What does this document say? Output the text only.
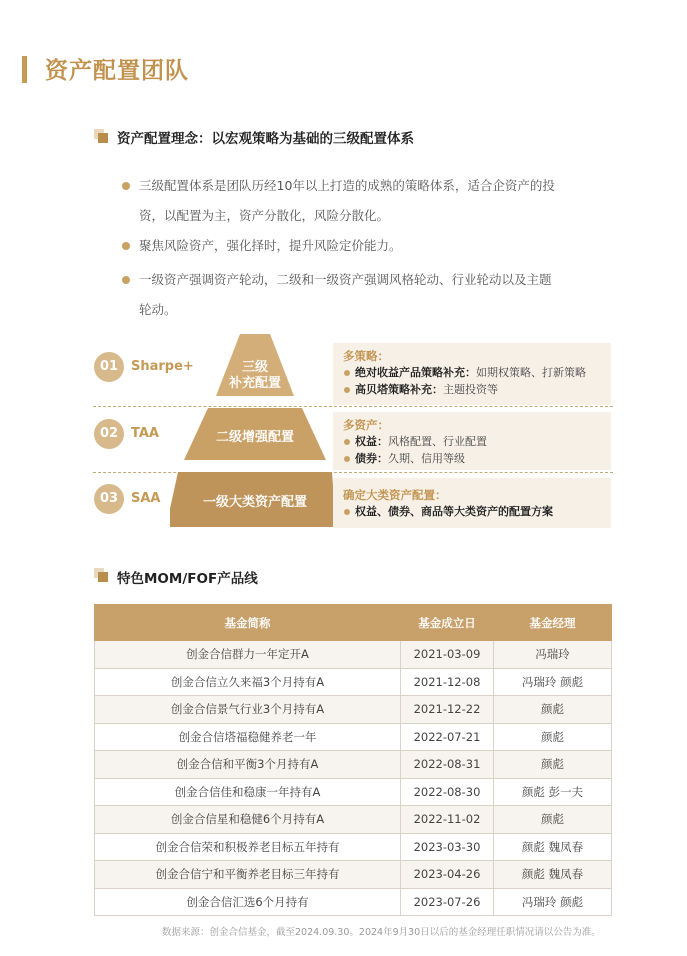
资产配置团队
资产配置理念：以宏观策略为基础的三级配置体系
三级配置体系是团队历经10年以上打造的成熟的策略体系，适合企资产的投
资，以配置为主，资产分散化，风险分散化。
聚焦风险资产，强化择时，提升风险定价能力。
一级资产强调资产轮动，二级和一级资产强调风格轮动、行业轮动以及主题
轮动。
三级
补充配置
二级增强配置
一级大类资产配置
01 Sharpe+
02 TAA
03 SAA
多策略：
绝对收益产品策略补充：如期权策略、打新策略
高贝塔策略补充：主题投资等
多资产：
权益：风格配置、行业配置
债券：久期、信用等级
确定大类资产配置：
权益、债券、商品等大类资产的配置方案
特色MOM/FOF产品线
基金简称	基金成立日	基金经理
创金合信群力一年定开A	2021-03-09	冯瑞玲
创金合信立久来福3个月持有A	2021-12-08	冯瑞玲 颜彪
创金合信景气行业3个月持有A	2021-12-22	颜彪
创金合信塔福稳健养老一年	2022-07-21	颜彪
创金合信和平衡3个月持有A	2022-08-31	颜彪
创金合信佳和稳康一年持有A	2022-08-30	颜彪 彭一夫
创金合信星和稳健6个月持有A	2022-11-02	颜彪
创金合信荣和积极养老目标五年持有	2023-03-30	颜彪 魏凤春
创金合信宁和平衡养老目标三年持有	2023-04-26	颜彪 魏凤春
创金合信汇选6个月持有	2023-07-26	冯瑞玲 颜彪
数据来源：创金合信基金，截至2024.09.30。2024年9月30日以后的基金经理任职情况请以公告为准。
